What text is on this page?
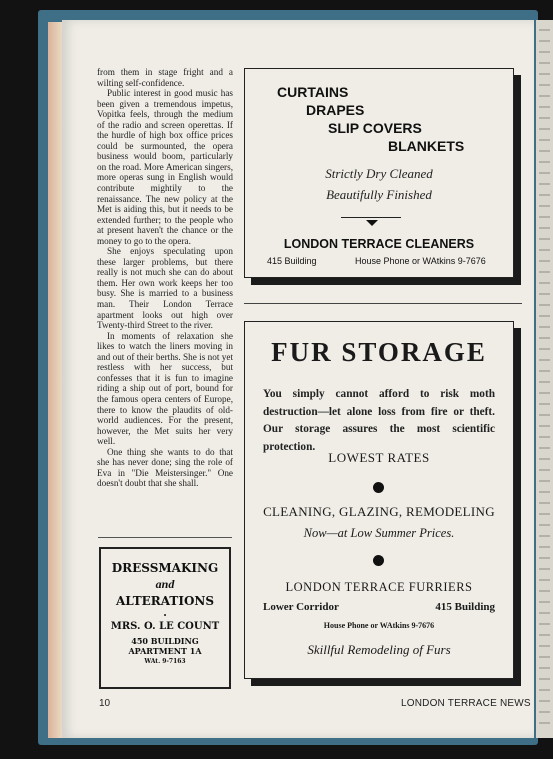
from them in stage fright and a wilting self-confidence.

Public interest in good music has been given a tremendous impetus, Vopitka feels, through the medium of the radio and screen operettas. If the hurdle of high box office prices could be surmounted, the opera business would boom, particularly on the road. More American singers, more operas sung in English would contribute mightily to the renaissance. The new policy at the Met is aiding this, but it needs to be extended further; to the people who at present haven't the chance or the money to go to the opera.

She enjoys speculating upon these larger problems, but there really is not much she can do about them. Her own work keeps her too busy. She is married to a business man. Their London Terrace apartment looks out high over Twenty-third Street to the river.

In moments of relaxation she likes to watch the liners moving in and out of their berths. She is not yet restless with her success, but confesses that it is fun to imagine riding a ship out of port, bound for the famous opera centers of Europe, there to know the plaudits of old-world audiences. For the present, however, the Met suits her very well.

One thing she wants to do that she has never done; sing the role of Eva in "Die Meistersinger." One doesn't doubt that she shall.

DRESSMAKING
and
ALTERATIONS
•
MRS. O. LE COUNT
450 BUILDING
APARTMENT 1A
WAt. 9-7163
CURTAINS
DRAPES
SLIP COVERS
BLANKETS
Strictly Dry Cleaned
Beautifully Finished
LONDON TERRACE CLEANERS
415 Building	House Phone or WAtkins 9-7676
FUR STORAGE
You simply cannot afford to risk moth destruction—let alone loss from fire or theft. Our storage assures the most scientific protection.
LOWEST RATES
CLEANING, GLAZING, REMODELING
Now—at Low Summer Prices.
LONDON TERRACE FURRIERS
Lower Corridor	415 Building
House Phone or WAtkins 9-7676
Skillful Remodeling of Furs
10	LONDON TERRACE NEWS
